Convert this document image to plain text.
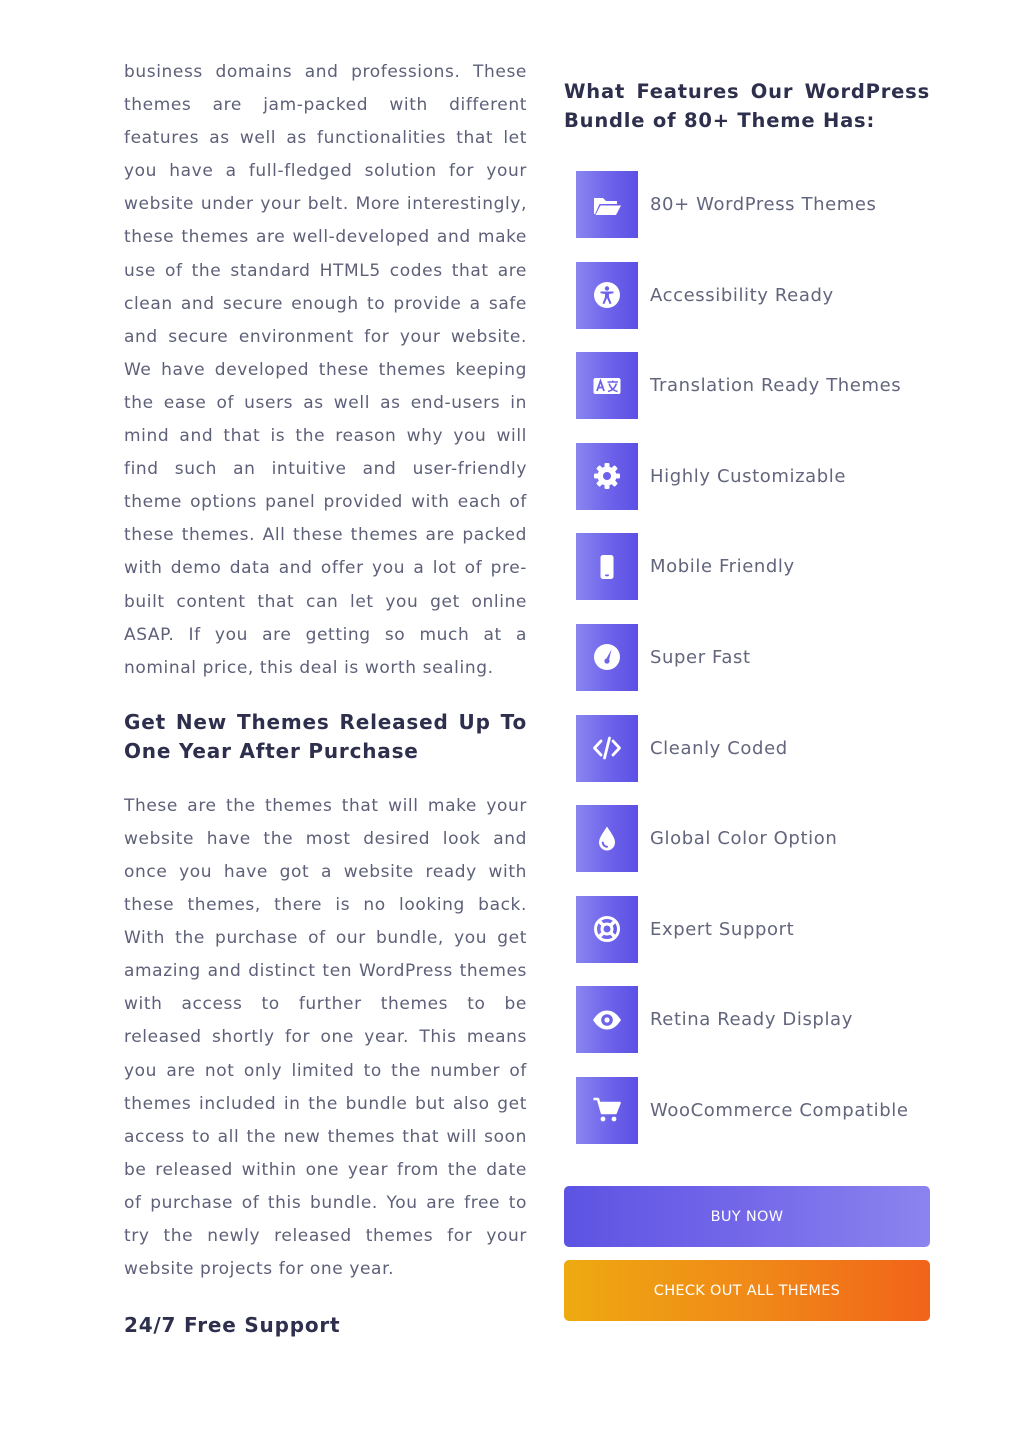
business domains and professions. These themes are jam-packed with different features as well as functionalities that let you have a full-fledged solution for your website under your belt. More interestingly, these themes are well-developed and make use of the standard HTML5 codes that are clean and secure enough to provide a safe and secure environment for your website. We have developed these themes keeping the ease of users as well as end-users in mind and that is the reason why you will find such an intuitive and user-friendly theme options panel provided with each of these themes. All these themes are packed with demo data and offer you a lot of pre-built content that can let you get online ASAP. If you are getting so much at a nominal price, this deal is worth sealing.

Get New Themes Released Up To One Year After Purchase

These are the themes that will make your website have the most desired look and once you have got a website ready with these themes, there is no looking back. With the purchase of our bundle, you get amazing and distinct ten WordPress themes with access to further themes to be released shortly for one year. This means you are not only limited to the number of themes included in the bundle but also get access to all the new themes that will soon be released within one year from the date of purchase of this bundle. You are free to try the newly released themes for your website projects for one year.

24/7 Free Support
What Features Our WordPress Bundle of 80+ Theme Has:
80+ WordPress Themes
Accessibility Ready
Translation Ready Themes
Highly Customizable
Mobile Friendly
Super Fast
Cleanly Coded
Global Color Option
Expert Support
Retina Ready Display
WooCommerce Compatible
BUY NOW
CHECK OUT ALL THEMES
